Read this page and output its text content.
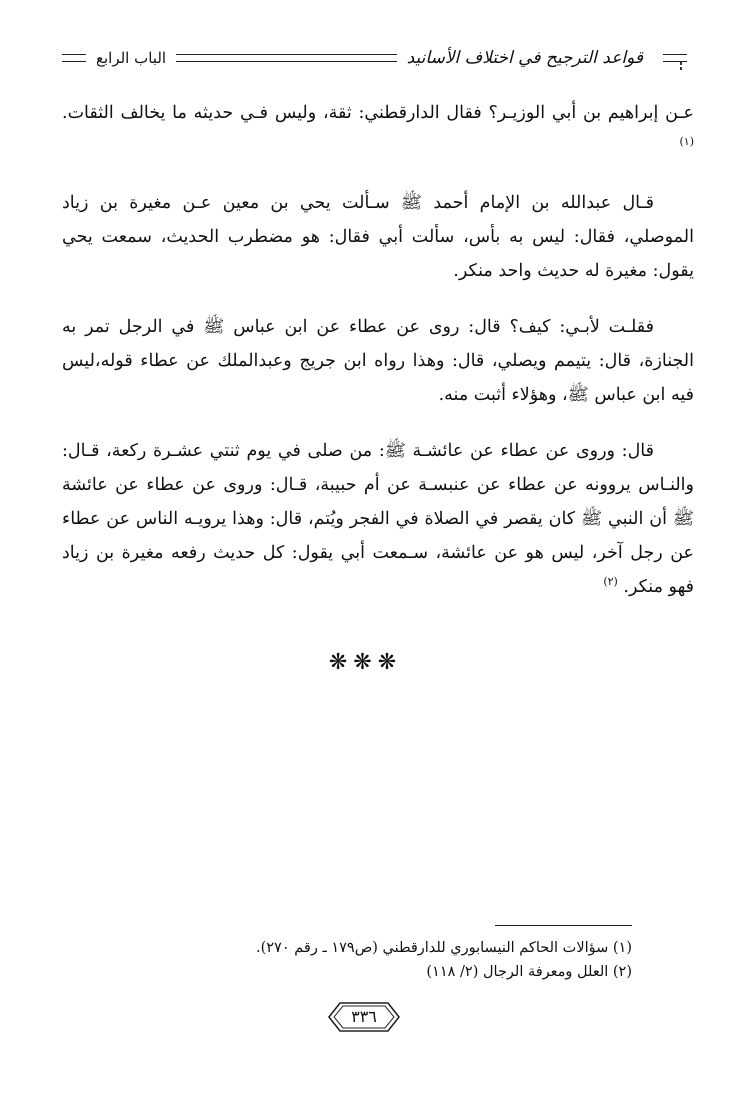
قواعد الترجيح في اختلاف الأسانيد
الباب الرابع

عـن إبراهيم بن أبي الوزيـر؟ فقال الدارقطني: ثقة، وليس فـي حديثه ما يخالف الثقات. $^{(١)}$

قـال عبدالله بن الإمام أحمد ﷺ سـألت يحي بن معين عـن مغيرة بن زياد الموصلي، فقال: ليس به بأس، سألت أبي فقال: هو مضطرب الحديث، سمعت يحي يقول: مغيرة له حديث واحد منكر.

فقلـت لأبـي: كيف؟ قال: روى عن عطاء عن ابن عباس ﷺ في الرجل تمر به الجنازة، قال: يتيمم ويصلي، قال: وهذا رواه ابن جريج وعبدالملك عن عطاء قوله،ليس فيه ابن عباس ﷺ، وهؤلاء أثبت منه.

قال: وروى عن عطاء عن عائشـة ﷺ: من صلى في يوم ثنتي عشـرة ركعة، قـال: والنـاس يروونه عن عطاء عن عنبسـة عن أم حبيبة، قـال: وروى عن عطاء عن عائشة ﷺ أن النبي ﷺ كان يقصر في الصلاة في الفجر ويُتم، قال: وهذا يرويـه الناس عن عطاء عن رجل آخر، ليس هو عن عائشة، سـمعت أبي يقول: كل حديث رفعه مغيرة بن زياد فهو منكر. $^{(٢)}$

❋❋❋
(١) سؤالات الحاكم النيسابوري للدارقطني (ص١٧٩ ـ رقم ٢٧٠).
(٢) العلل ومعرفة الرجال (٢/ ١١٨)
٣٣٦
